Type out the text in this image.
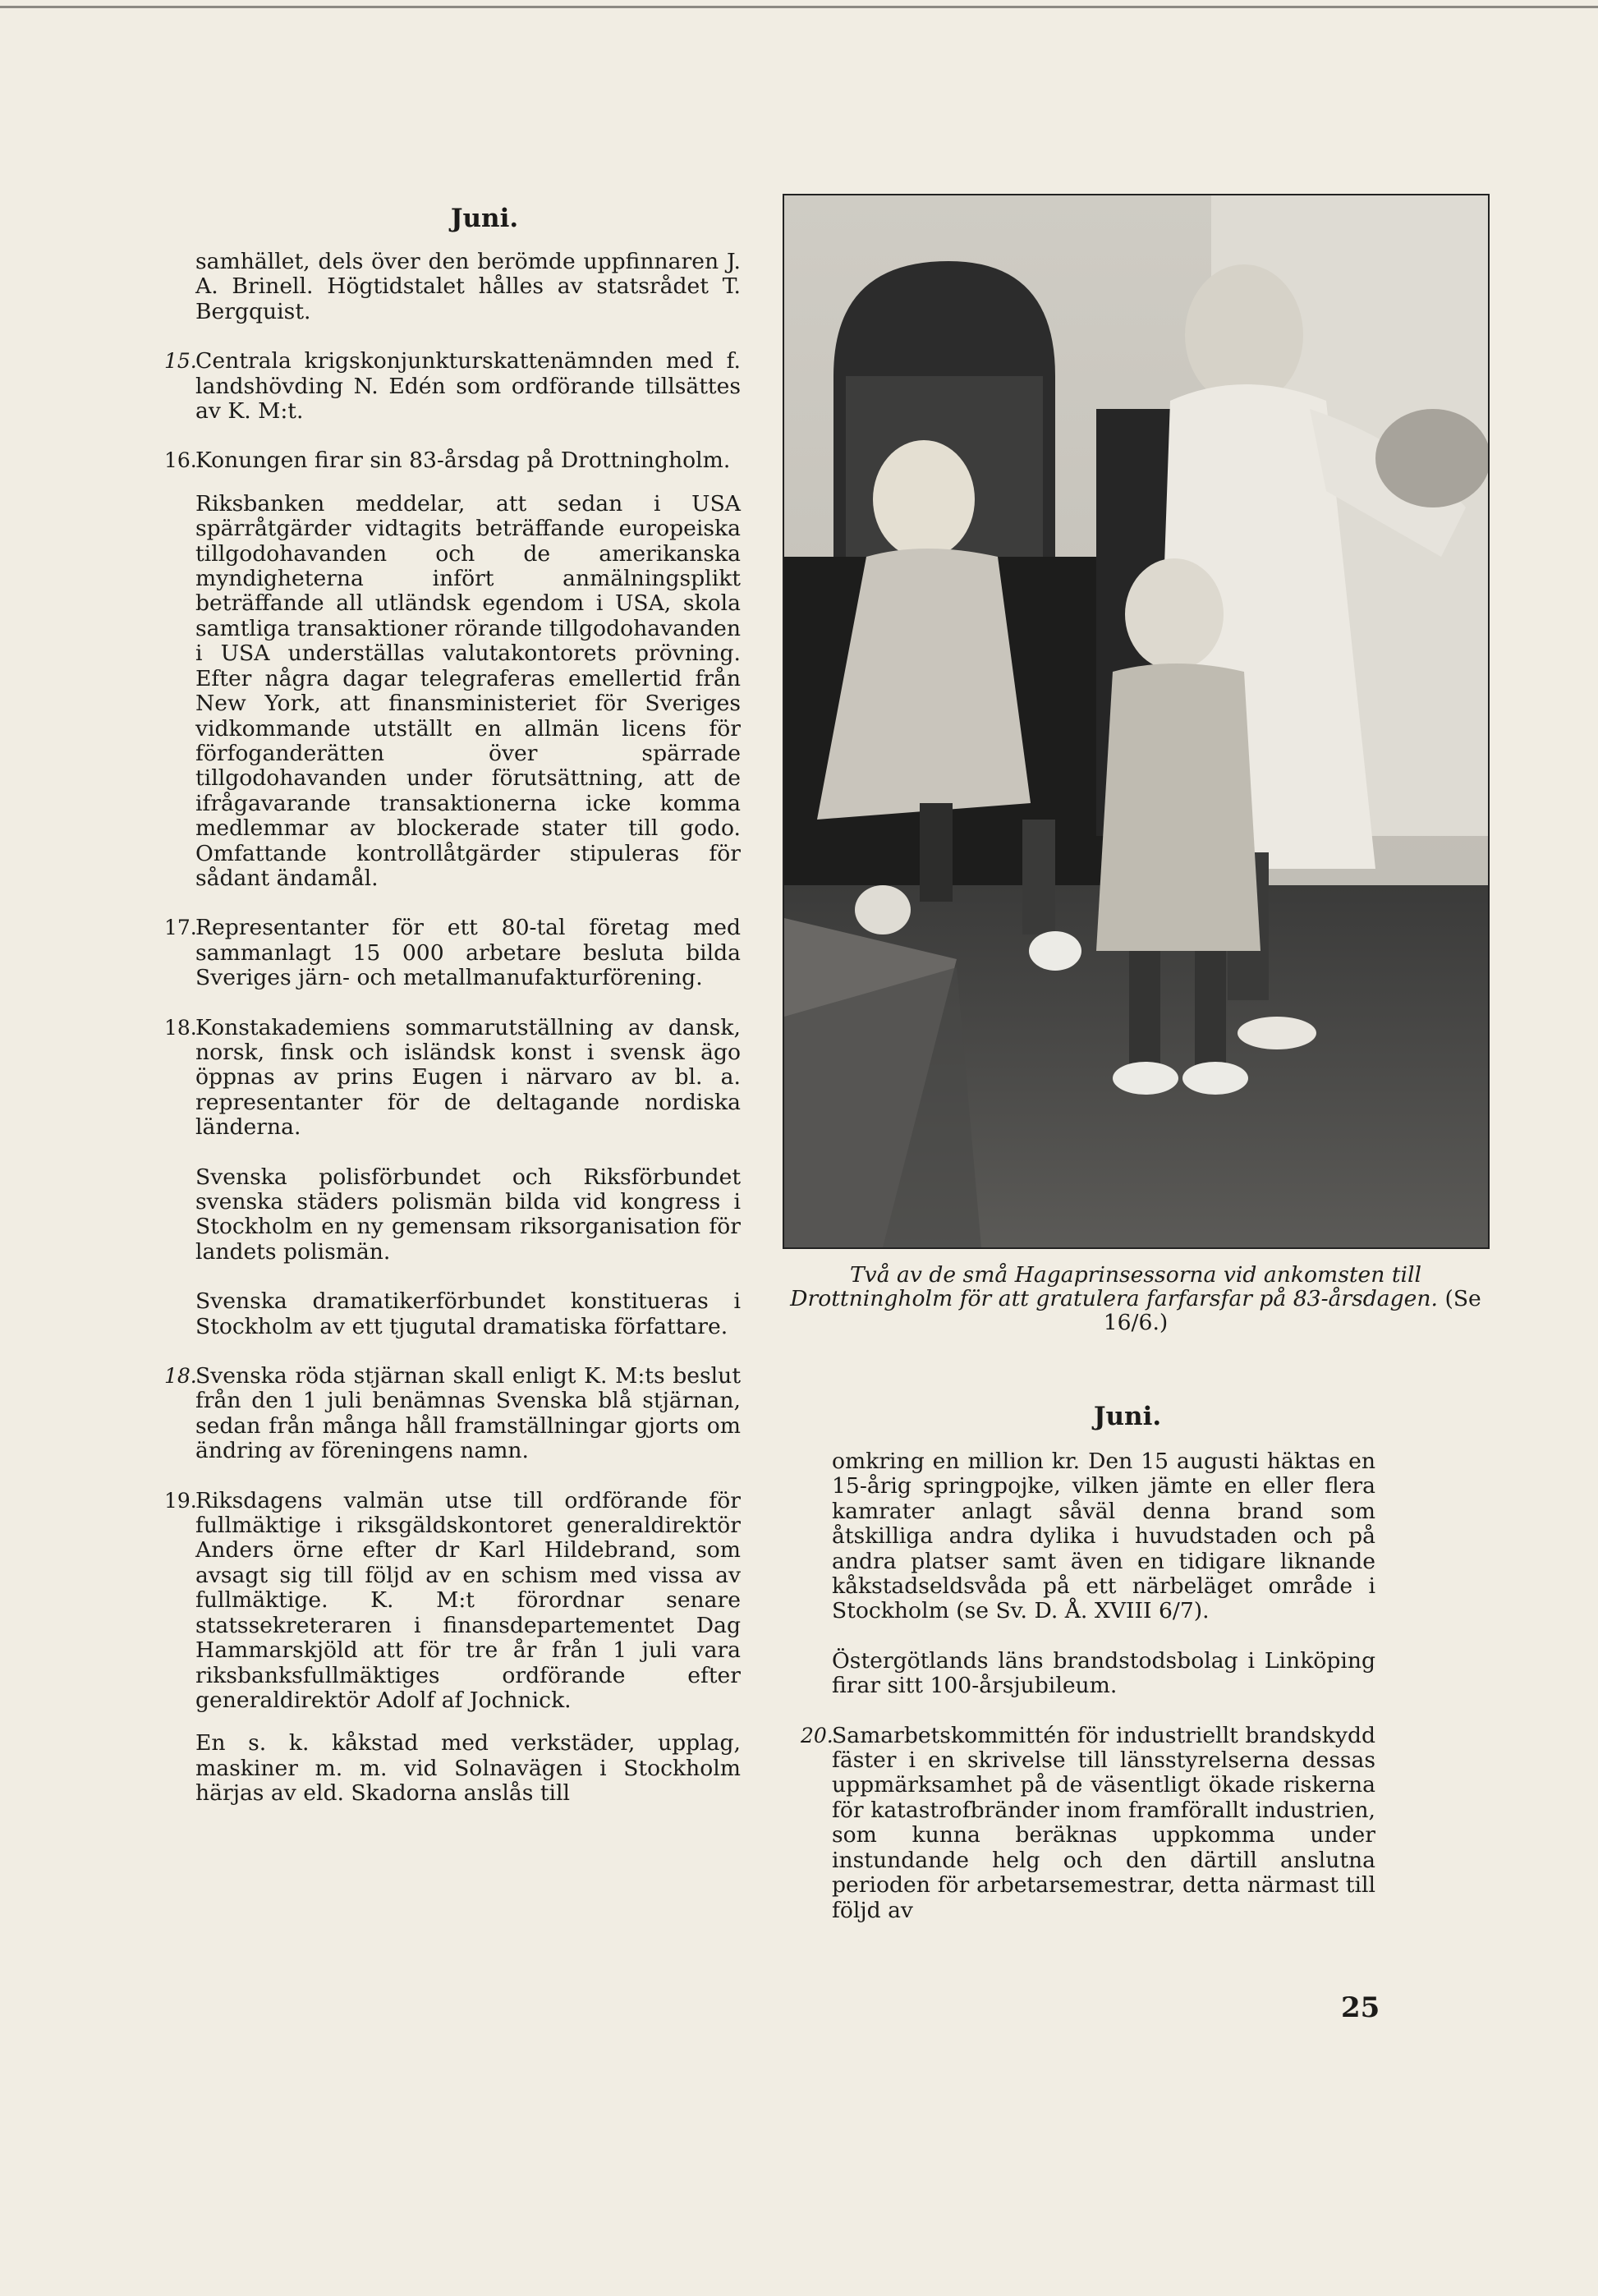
Juni.
samhället, dels över den berömde uppfinnaren J. A. Brinell. Högtidstalet hålles av statsrådet T. Bergquist.
15.
Centrala krigskonjunkturskattenämnden med f. landshövding N. Edén som ordförande tillsättes av K. M:t.
16.
Konungen firar sin 83-årsdag på Drottningholm.
Riksbanken meddelar, att sedan i USA spärråtgärder vidtagits beträffande europeiska tillgodohavanden och de amerikanska myndigheterna infört anmälningsplikt beträffande all utländsk egendom i USA, skola samtliga transaktioner rörande tillgodohavanden i USA underställas valutakontorets prövning. Efter några dagar telegraferas emellertid från New York, att finansministeriet för Sveriges vidkommande utställt en allmän licens för förfoganderätten över spärrade tillgodohavanden under förutsättning, att de ifrågavarande transaktionerna icke komma medlemmar av blockerade stater till godo. Omfattande kontrollåtgärder stipuleras för sådant ändamål.
17.
Representanter för ett 80-tal företag med sammanlagt 15 000 arbetare besluta bilda Sveriges järn- och metallmanufakturförening.
18.
Konstakademiens sommarutställning av dansk, norsk, finsk och isländsk konst i svensk ägo öppnas av prins Eugen i närvaro av bl. a. representanter för de deltagande nordiska länderna.
Svenska polisförbundet och Riksförbundet svenska städers polismän bilda vid kongress i Stockholm en ny gemensam riksorganisation för landets polismän.
Svenska dramatikerförbundet konstitueras i Stockholm av ett tjugutal dramatiska författare.
18.
Svenska röda stjärnan skall enligt K. M:ts beslut från den 1 juli benämnas Svenska blå stjärnan, sedan från många håll framställningar gjorts om ändring av föreningens namn.
19.
Riksdagens valmän utse till ordförande för fullmäktige i riksgäldskontoret generaldirektör Anders örne efter dr Karl Hildebrand, som avsagt sig till följd av en schism med vissa av fullmäktige. K. M:t förordnar senare statssekreteraren i finansdepartementet Dag Hammarskjöld att för tre år från 1 juli vara riksbanksfullmäktiges ordförande efter generaldirektör Adolf af Jochnick.
En s. k. kåkstad med verkstäder, upplag, maskiner m. m. vid Solnavägen i Stockholm härjas av eld. Skadorna anslås till
Två av de små Hagaprinsessorna vid ankomsten till Drottningholm för att gratulera farfarsfar på 83-årsdagen. (Se 16/6.)
Juni.
omkring en million kr. Den 15 augusti häktas en 15-årig springpojke, vilken jämte en eller flera kamrater anlagt såväl denna brand som åtskilliga andra dylika i huvudstaden och på andra platser samt även en tidigare liknande kåkstadseldsvåda på ett närbeläget område i Stockholm (se Sv. D. Å. XVIII 6/7).
Östergötlands läns brandstodsbolag i Linköping firar sitt 100-årsjubileum.
20.
Samarbetskommittén för industriellt brandskydd fäster i en skrivelse till länsstyrelserna dessas uppmärksamhet på de väsentligt ökade riskerna för katastrofbränder inom framförallt industrien, som kunna beräknas uppkomma under instundande helg och den därtill anslutna perioden för arbetarsemestrar, detta närmast till följd av
25
